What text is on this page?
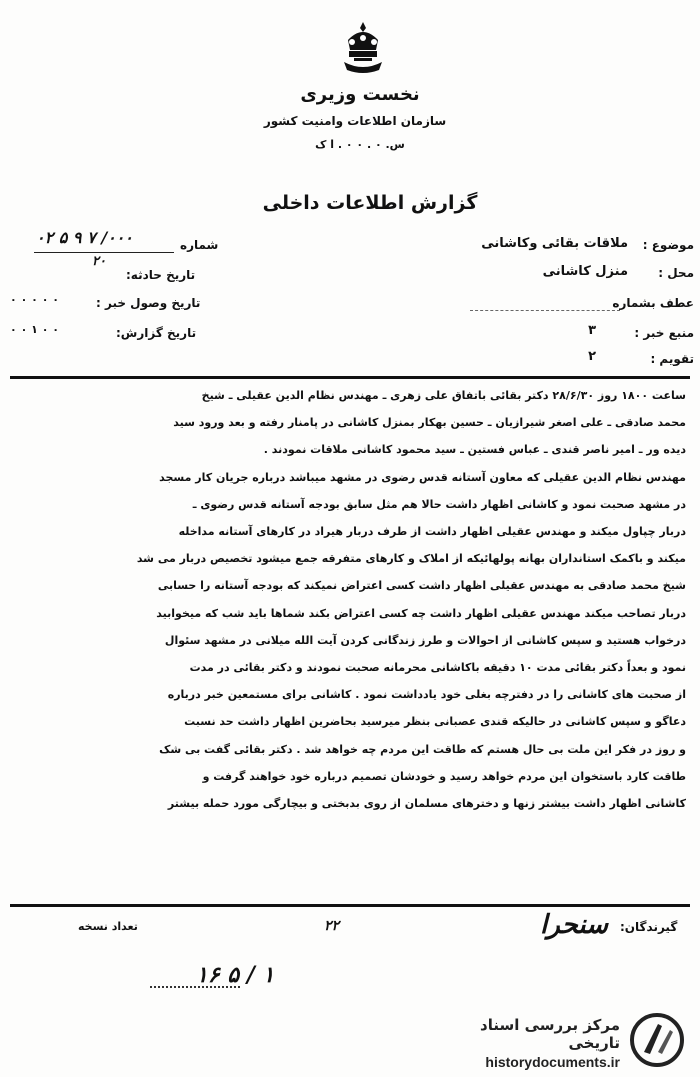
نخست وزیری
سازمان اطلاعات وامنیت کشور
س. ۰ . ۰ ۰ . ا ک
گزارش اطلاعات داخلی
موضوع :
ملاقات بقائی وکاشانی
محل :
منزل کاشانی
عطف بشماره
منبع خبر :
۳
تقویم :
۲
شماره
۰۲ ۵ ۹ ۷ /۰۰۰
۲۰
تاریخ حادثه:
تاریخ وصول خبر :
۰ ۰ ۰ ۰ ۰
تاریخ گزارش:
۰ ۰ ۱ ۰ ۰

ساعت ۱۸۰۰ روز ۲۸/۶/۳۰ دکتر بقائی باتفاق علی زهری ـ مهندس نظام الدین عقیلی ـ شیخ

محمد صادقی ـ علی اصغر شیرازیان ـ حسین بهکار بمنزل کاشانی در پامنار رفته و بعد ورود سید

دیده ور ـ امیر ناصر قندی ـ عباس فستین ـ سید محمود کاشانی ملاقات نمودند .

مهندس نظام الدین عقیلی که معاون آستانه قدس رضوی در مشهد میباشد درباره جریان کار مسجد

در مشهد صحبت نمود و کاشانی اظهار داشت حالا هم مثل سابق بودجه آستانه قدس رضوی ـ

دربار چپاول میکند و مهندس عقیلی اظهار داشت از طرف دربار هیراد در کارهای آستانه مداخله

میکند و باکمک استانداران بهانه پولهائیکه از املاک و کارهای متفرقه جمع میشود تخصیص دربار می شد

شیخ محمد صادقی به مهندس عقیلی اظهار داشت کسی اعتراض نمیکند که بودجه آستانه را حسابی

دربار تصاحب میکند مهندس عقیلی اظهار داشت چه کسی اعتراض بکند شماها باید شب که میخوابید

درخواب هستید و سپس کاشانی از احوالات و طرز زندگانی کردن آیت الله میلانی در مشهد سئوال

نمود و بعداً دکتر بقائی مدت ۱۰ دقیقه باکاشانی محرمانه صحبت نمودند و دکتر بقائی در مدت

از صحبت های کاشانی را در دفترچه بغلی خود یادداشت نمود . کاشانی برای مستمعین خبر درباره

دعاگو و سپس کاشانی در حالیکه قندی عصبانی بنظر میرسید بحاضرین اظهار داشت حد نسبت

و روز در فکر این ملت بی حال هستم که طاقت این مردم چه خواهد شد . دکتر بقائی گفت بی شک

طاقت کارد باستخوان این مردم خواهد رسید و خودشان تصمیم درباره خود خواهند گرفت و

کاشانی اظهار داشت بیشتر زنها و دخترهای مسلمان از روی بدبختی و بیچارگی مورد حمله بیشتر

تعداد نسخه	۲۲	گیرندگان:
سنحرا
۱۶ ۵ / ۱
مرکز بررسی اسناد تاریخی
historydocuments.ir
